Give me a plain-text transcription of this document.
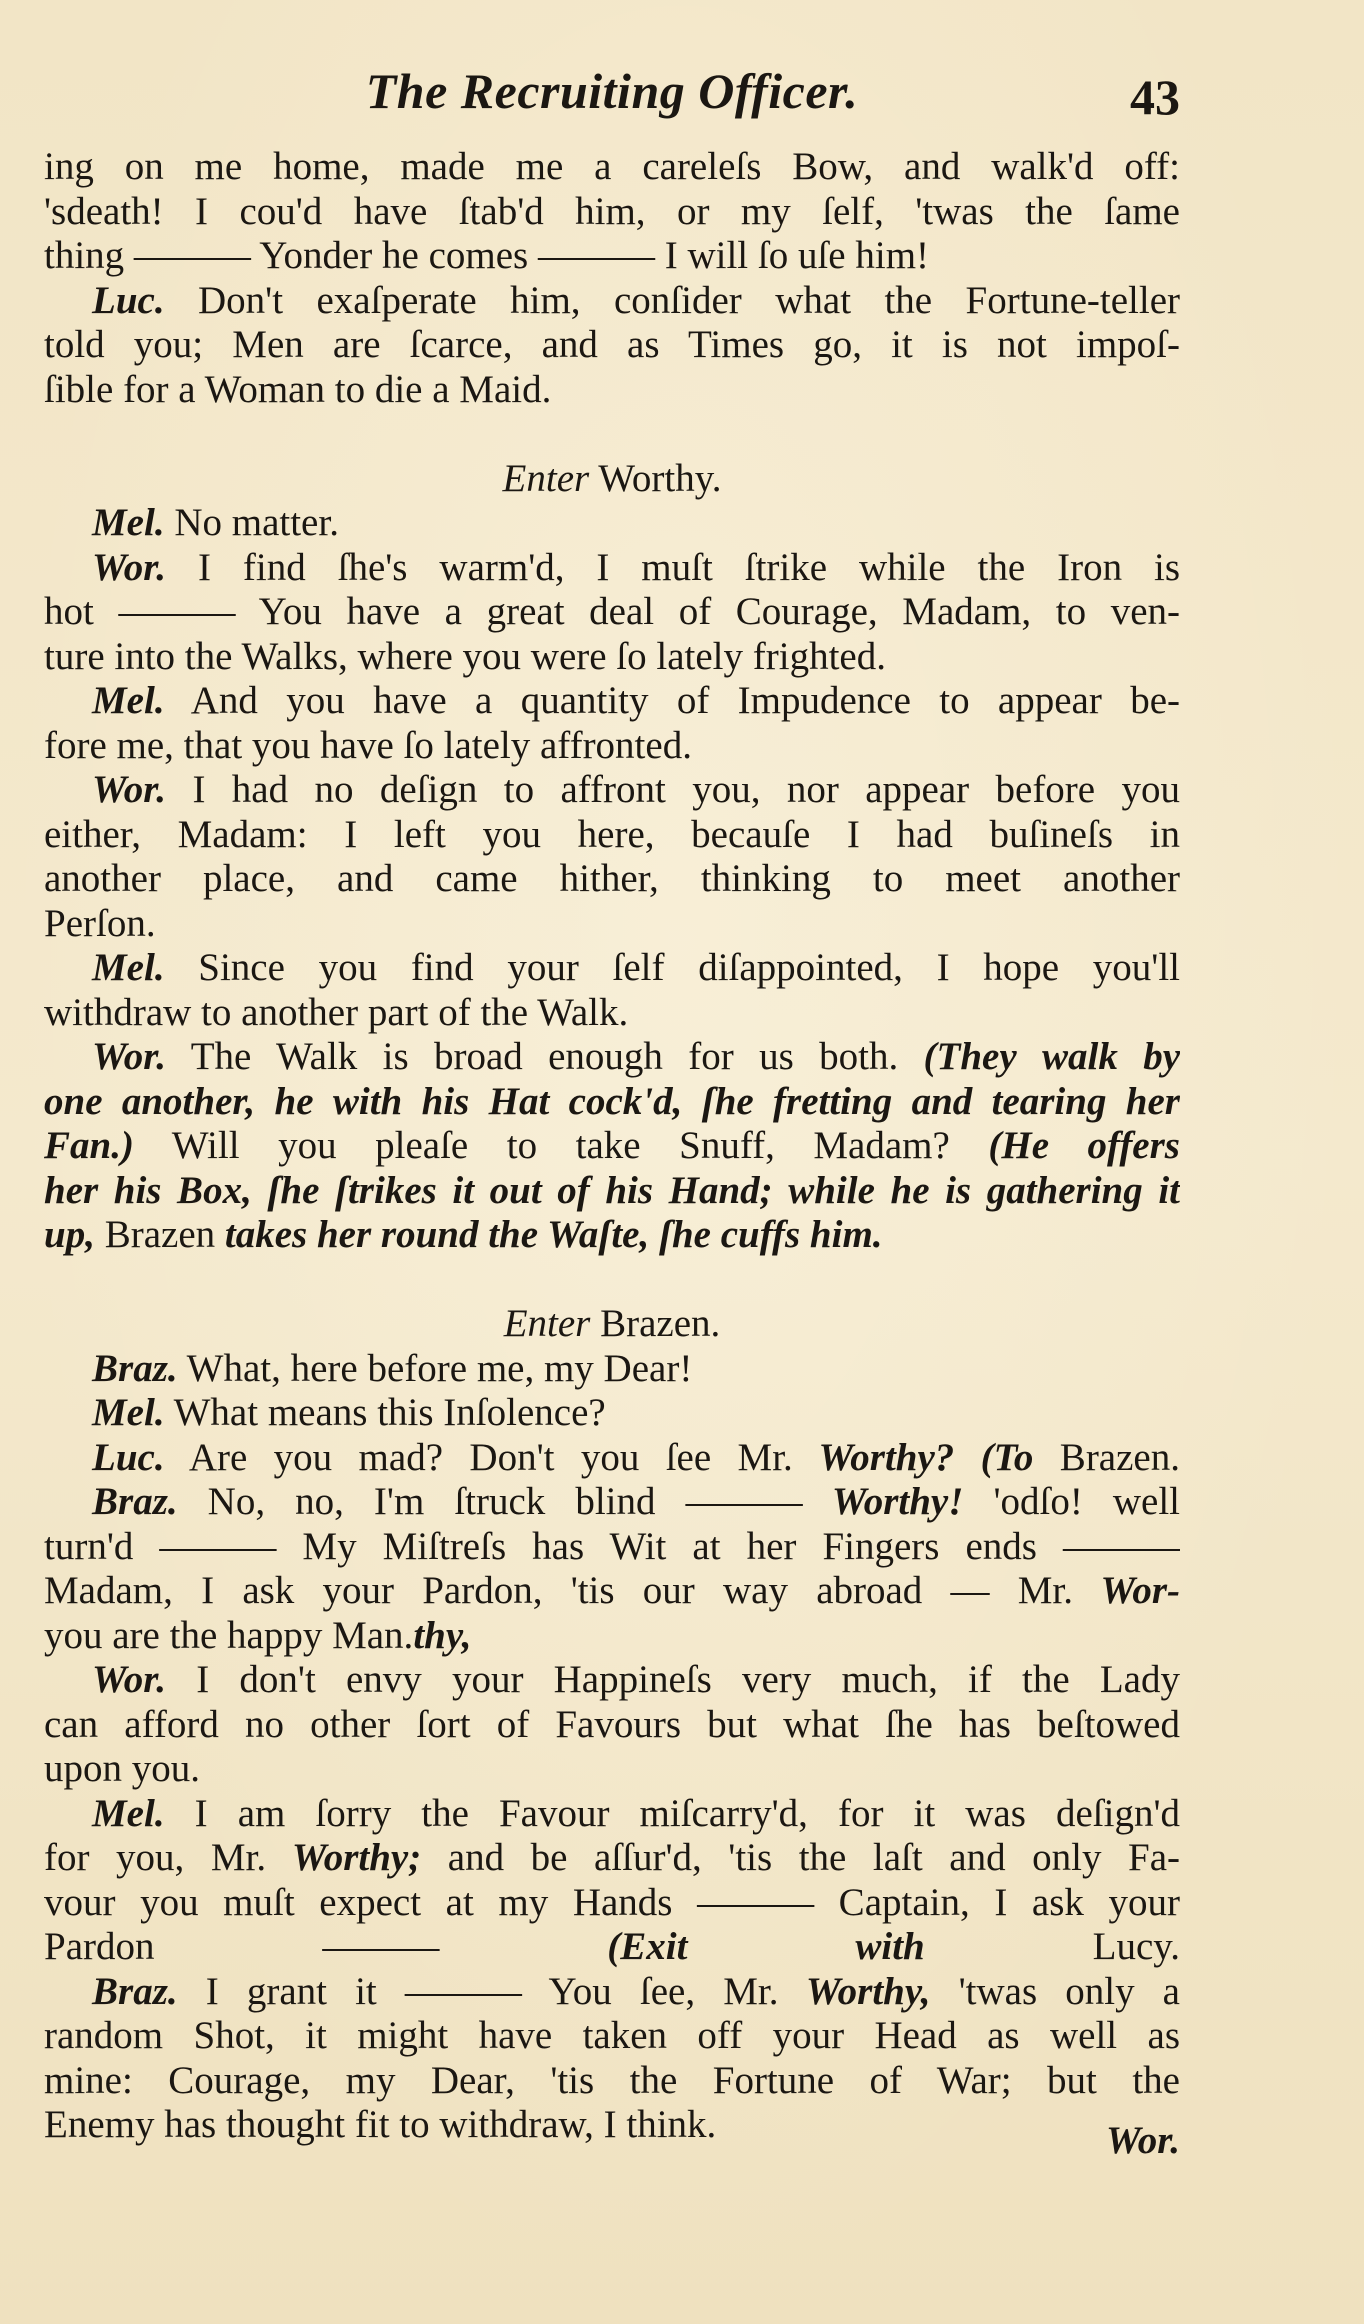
The Recruiting Officer.	43
ing on me home, made me a careleſs Bow, and walk'd off:
'sdeath! I cou'd have ſtab'd him, or my ſelf, 'twas the ſame
thing ——— Yonder he comes ——— I will ſo uſe him!
Luc. Don't exaſperate him, conſider what the Fortune-teller
told you; Men are ſcarce, and as Times go, it is not impoſ-
ſible for a Woman to die a Maid.
Enter Worthy.
Mel. No matter.
Wor. I find ſhe's warm'd, I muſt ſtrike while the Iron is
hot ——— You have a great deal of Courage, Madam, to ven-
ture into the Walks, where you were ſo lately frighted.
Mel. And you have a quantity of Impudence to appear be-
fore me, that you have ſo lately affronted.
Wor. I had no deſign to affront you, nor appear before you
either, Madam: I left you here, becauſe I had buſineſs in
another place, and came hither, thinking to meet another
Perſon.
Mel. Since you find your ſelf diſappointed, I hope you'll
withdraw to another part of the Walk.
Wor. The Walk is broad enough for us both. (They walk by
one another, he with his Hat cock'd, ſhe fretting and tearing her
Fan.) Will you pleaſe to take Snuff, Madam? (He offers
her his Box, ſhe ſtrikes it out of his Hand; while he is gathering it
up, Brazen takes her round the Waſte, ſhe cuffs him.
Enter Brazen.
Braz. What, here before me, my Dear!
Mel. What means this Inſolence?
Luc. Are you mad? Don't you ſee Mr. Worthy? (To Brazen.
Braz. No, no, I'm ſtruck blind ——— Worthy! 'odſo! well
turn'd ——— My Miſtreſs has Wit at her Fingers ends ———
Madam, I ask your Pardon, 'tis our way abroad — Mr. Wor-
you are the happy Man.thy,
Wor. I don't envy your Happineſs very much, if the Lady
can afford no other ſort of Favours but what ſhe has beſtowed
upon you.
Mel. I am ſorry the Favour miſcarry'd, for it was deſign'd
for you, Mr. Worthy; and be aſſur'd, 'tis the laſt and only Fa-
vour you muſt expect at my Hands ——— Captain, I ask your
Pardon ——— (Exit with Lucy.
Braz. I grant it ——— You ſee, Mr. Worthy, 'twas only a
random Shot, it might have taken off your Head as well as
mine: Courage, my Dear, 'tis the Fortune of War; but the
Enemy has thought fit to withdraw, I think.	Wor.
